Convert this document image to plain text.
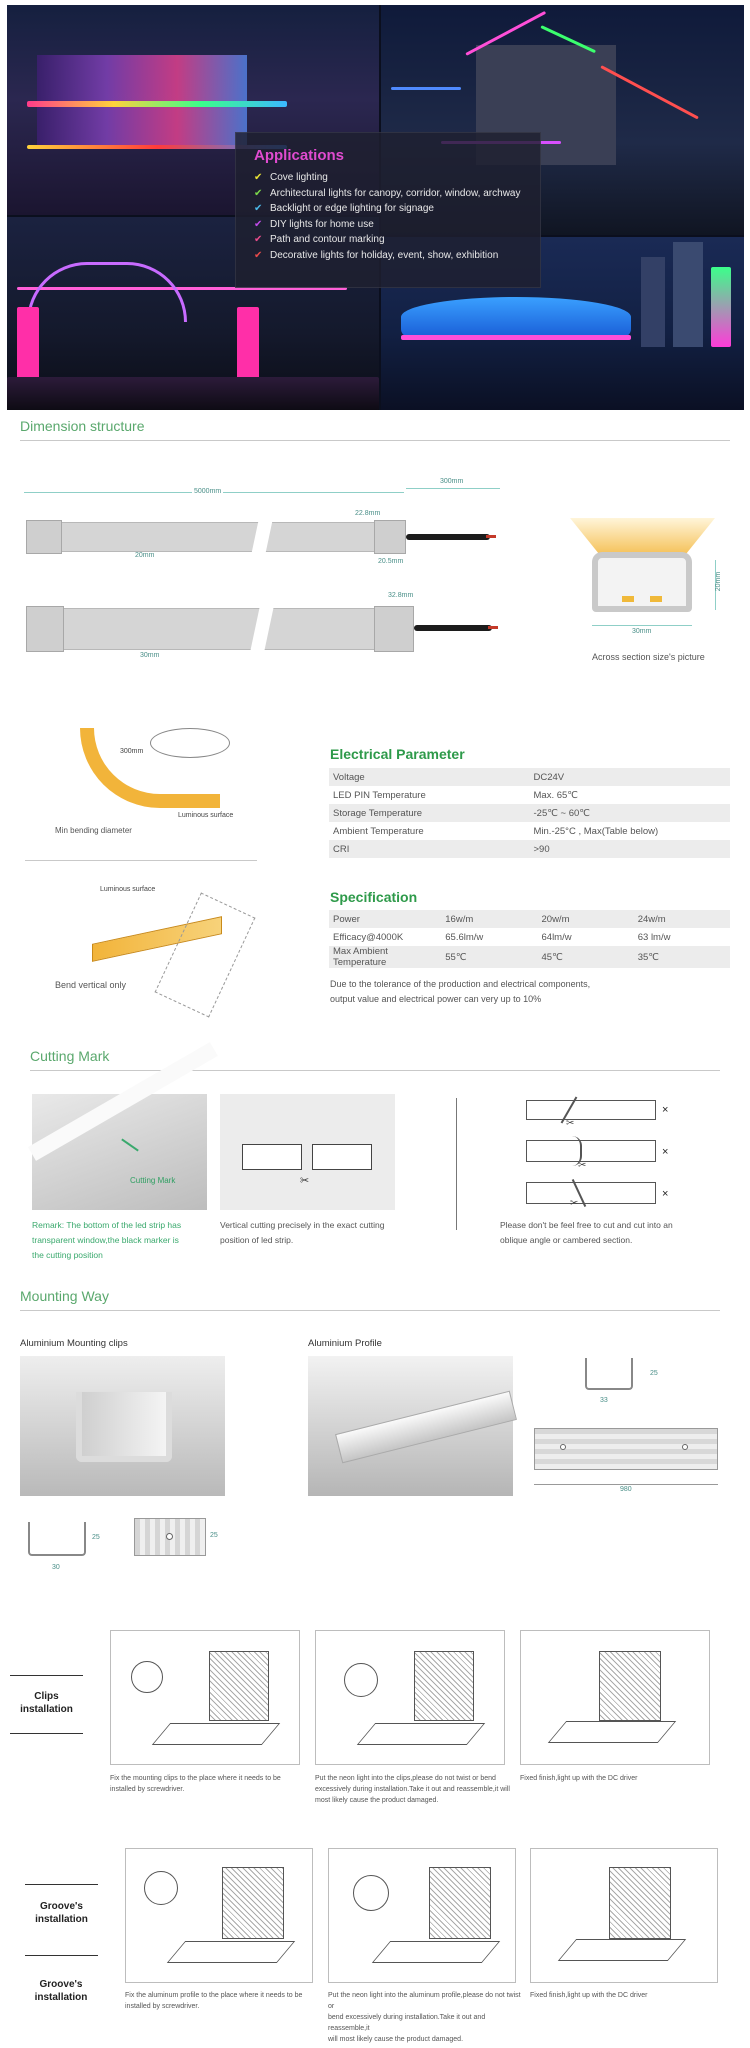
Applications
✔ Cove lighting
✔ Architectural lights for canopy, corridor, window, archway
✔ Backlight or edge lighting for signage
✔ DIY lights for home use
✔ Path and contour marking
✔ Decorative lights for holiday, event, show, exhibition
Dimension structure
5000mm
300mm
22.8mm
20mm
20.5mm
32.8mm
30mm
20mm
30mm
Across section size's picture
300mm
Luminous surface
Min bending diameter
Luminous surface
Bend vertical only
Electrical Parameter
Voltage	DC24V
LED PIN Temperature	Max. 65℃
Storage Temperature	-25℃ ~ 60℃
Ambient Temperature	Min.-25°C , Max(Table below)
CRI	>90
Specification
Power	16w/m	20w/m	24w/m
Efficacy@4000K	65.6lm/w	64lm/w	63 lm/w
Max Ambient Temperature	55℃	45℃	35℃
Due to the tolerance of the production and electrical components,
output value and electrical power can very up to 10%
Cutting Mark
Cutting Mark
Remark: The bottom of the led strip has
transparent window,the black marker is
the cutting position
✂
Vertical cutting precisely in the exact cutting
position of led strip.
✂
×
✂
×
✂
×
Please don't be feel free to cut and cut into an
oblique angle or cambered section.
Mounting Way
Aluminium Mounting clips	Aluminium Profile
33
25
980
30
25	25
Clips
installation
Fix the mounting clips to the place where it needs to be
installed by screwdriver.
Put the neon light into the clips,please do not twist or bend
excessively during installation.Take it out and reassemble,it will
most likely cause the product damaged.
Fixed finish,light up with the DC driver
Groove's
installation
Groove's
installation	Fix the aluminum profile to the place where it needs to be
installed by screwdriver.
Put the neon light into the aluminum profile,please do not twist or
bend excessively during installation.Take it out and reassemble,it
will most likely cause the product damaged.
Fixed finish,light up with the DC driver
